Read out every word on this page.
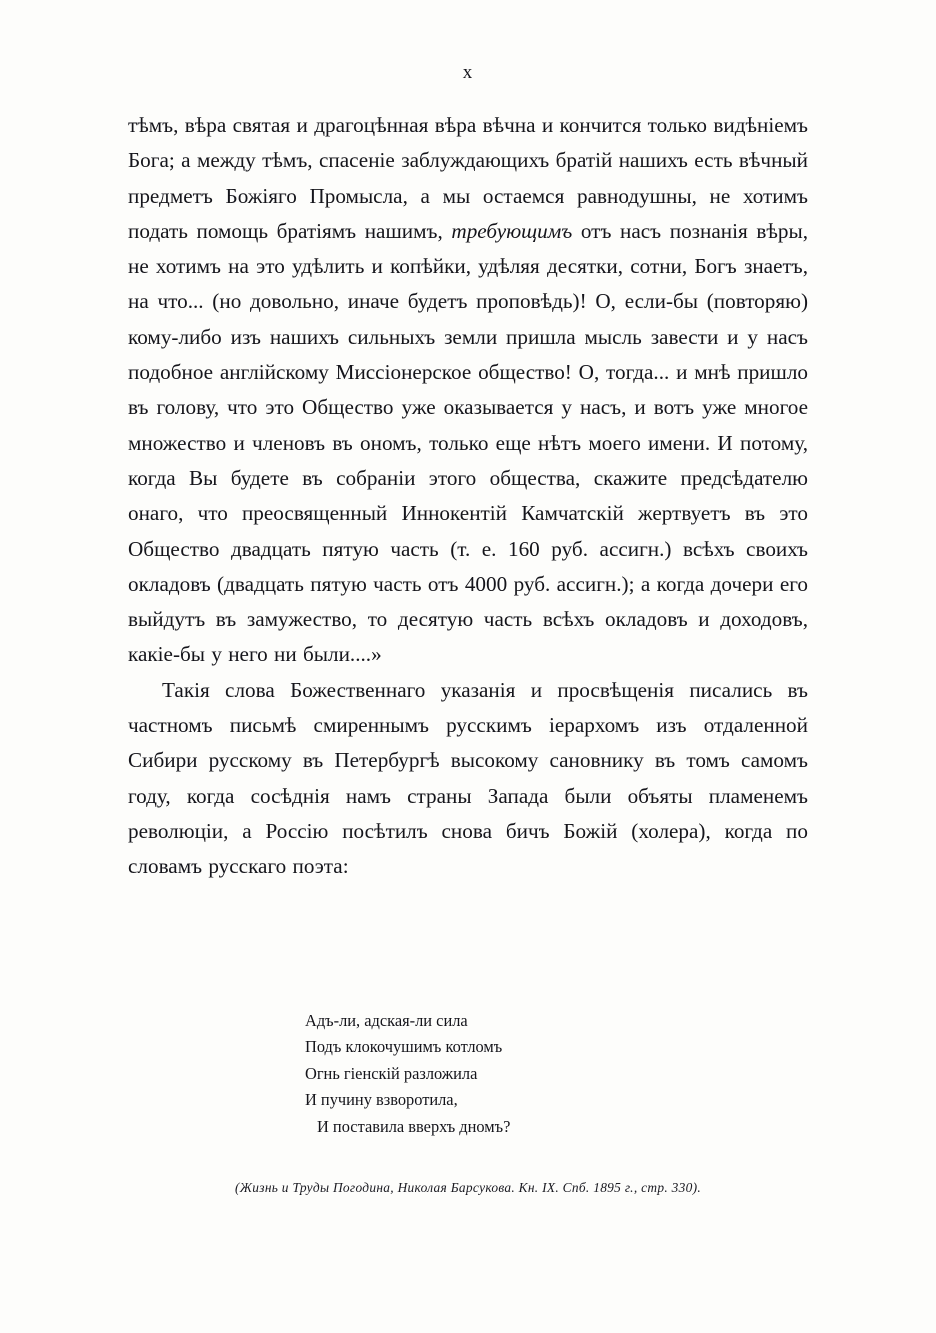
x

тѣмъ, вѣра святая и драгоцѣнная вѣра вѣчна и кончится только видѣніемъ Бога; а между тѣмъ, спасеніе заблуждающихъ братій нашихъ есть вѣчный предметъ Божіяго Промысла, а мы остаемся равнодушны, не хотимъ подать помощь братіямъ нашимъ, требующимъ отъ насъ познанія вѣры, не хотимъ на это удѣлить и копѣйки, удѣляя десятки, сотни, Богъ знаетъ, на что... (но довольно, иначе будетъ проповѣдь)! О, если-бы (повторяю) кому-либо изъ нашихъ сильныхъ земли пришла мысль завести и у насъ подобное англійскому Миссіонерское общество! О, тогда... и мнѣ пришло въ голову, что это Общество уже оказывается у насъ, и вотъ уже многое множество и членовъ въ ономъ, только еще нѣтъ моего имени. И потому, когда Вы будете въ собраніи этого общества, скажите предсѣдателю онаго, что преосвященный Иннокентій Камчатскій жертвуетъ въ это Общество двадцать пятую часть (т. е. 160 руб. ассигн.) всѣхъ своихъ окладовъ (двадцать пятую часть отъ 4000 руб. ассигн.); а когда дочери его выйдутъ въ замужество, то десятую часть всѣхъ окладовъ и доходовъ, какіе-бы у него ни были....»

Такія слова Божественнаго указанія и просвѣщенія писались въ частномъ письмѣ смиреннымъ русскимъ іерархомъ изъ отдаленной Сибири русскому въ Петербургѣ высокому сановнику въ томъ самомъ году, когда сосѣднія намъ страны Запада были объяты пламенемъ революціи, а Россію посѣтилъ снова бичъ Божій (холера), когда по словамъ русскаго поэта:

Адъ-ли, адская-ли сила
Подъ клокочушимъ котломъ
Огнь гіенскій разложила
И пучину взворотила,
И поставила вверхъ дномъ?
(Жизнь и Труды Погодина, Николая Барсукова. Кн. IX. Спб. 1895 г., стр. 330).
